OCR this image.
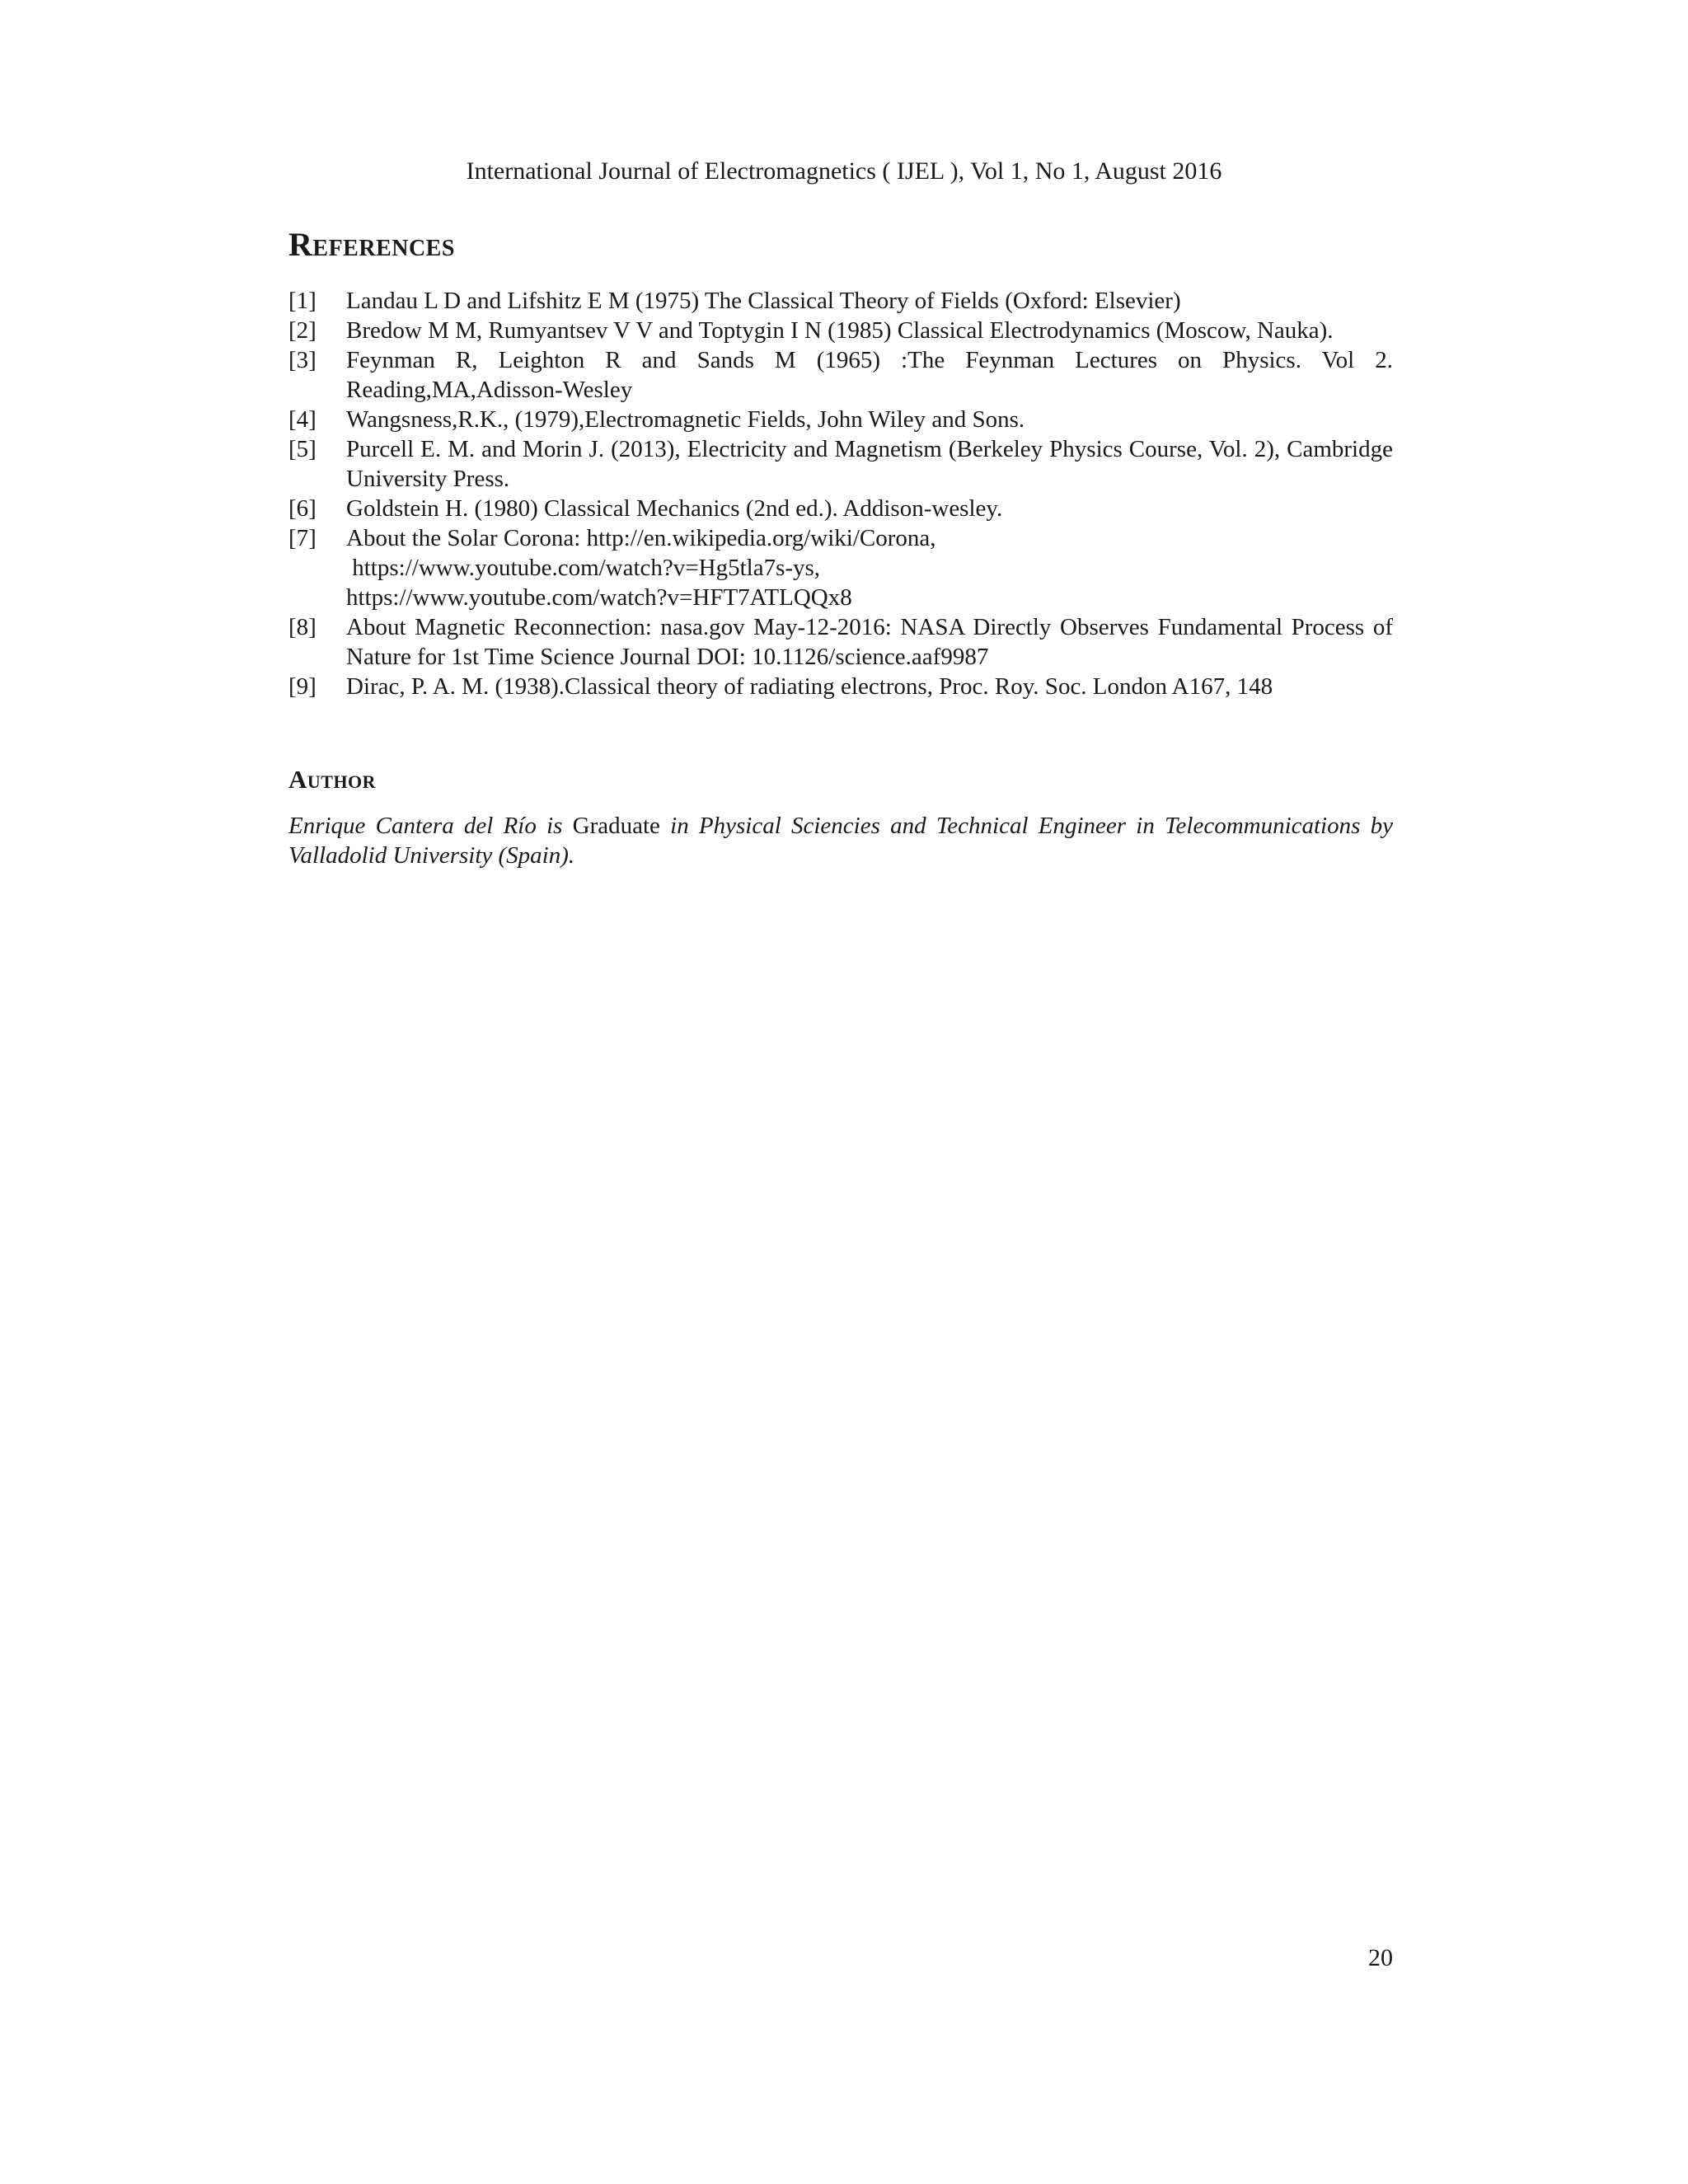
International Journal of Electromagnetics ( IJEL ), Vol 1, No 1, August 2016
References
[1]	Landau L D and Lifshitz E M (1975) The Classical Theory of Fields (Oxford: Elsevier)
[2]	Bredow M M, Rumyantsev V V and Toptygin I N (1985) Classical Electrodynamics (Moscow, Nauka).
[3]	Feynman R, Leighton R and Sands M (1965) :The Feynman Lectures on Physics. Vol 2. Reading,MA,Adisson-Wesley
[4]	Wangsness,R.K., (1979),Electromagnetic Fields, John Wiley and Sons.
[5]	Purcell E. M. and Morin J. (2013), Electricity and Magnetism (Berkeley Physics Course, Vol. 2), Cambridge University Press.
[6]	Goldstein H. (1980) Classical Mechanics (2nd ed.). Addison-wesley.
[7]	About the Solar Corona: http://en.wikipedia.org/wiki/Corona,
https://www.youtube.com/watch?v=Hg5tla7s-ys,
https://www.youtube.com/watch?v=HFT7ATLQQx8
[8]	About Magnetic Reconnection: nasa.gov May-12-2016: NASA Directly Observes Fundamental Process of Nature for 1st Time Science Journal DOI: 10.1126/science.aaf9987
[9]	Dirac, P. A. M. (1938).Classical theory of radiating electrons, Proc. Roy. Soc. London A167, 148
Author
Enrique Cantera del Río is Graduate in Physical Sciencies and Technical Engineer in Telecommunications by Valladolid University (Spain).
20
